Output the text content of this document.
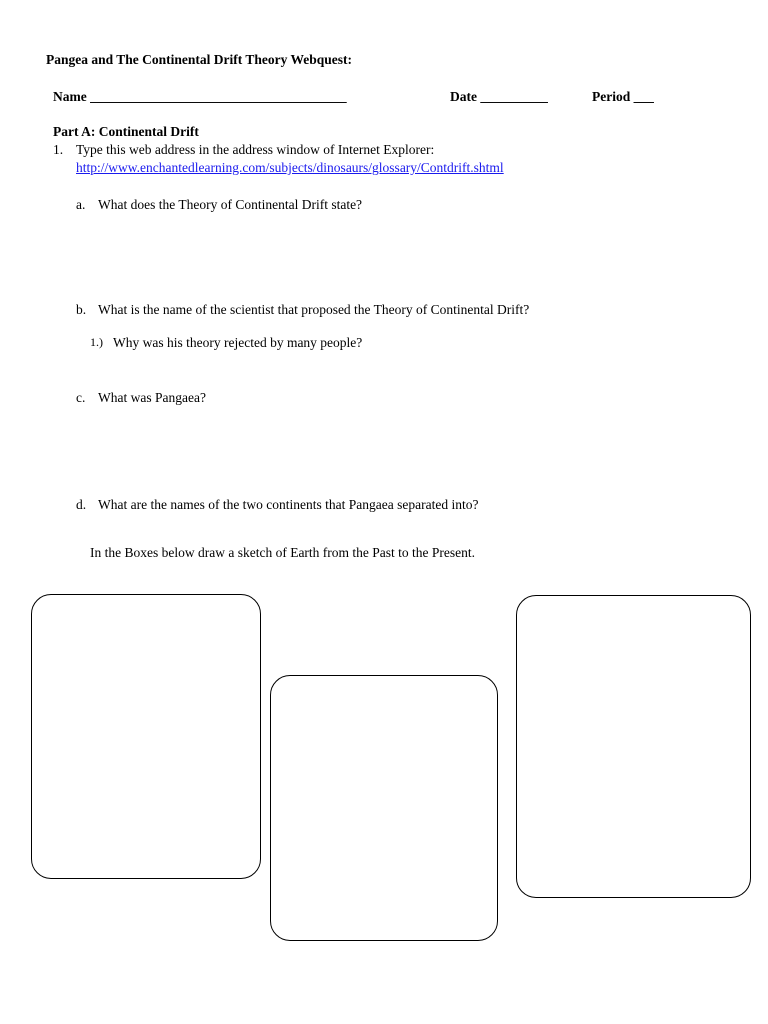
Pangea and The Continental Drift Theory Webquest:
Name ______________________________________	Date __________	Period ___
Part A: Continental Drift
1. Type this web address in the address window of Internet Explorer:
http://www.enchantedlearning.com/subjects/dinosaurs/glossary/Contdrift.shtml
a. What does the Theory of Continental Drift state?
b. What is the name of the scientist that proposed the Theory of Continental Drift?
1.) Why was his theory rejected by many people?
c. What was Pangaea?
d. What are the names of the two continents that Pangaea separated into?
In the Boxes below draw a sketch of Earth from the Past to the Present.
